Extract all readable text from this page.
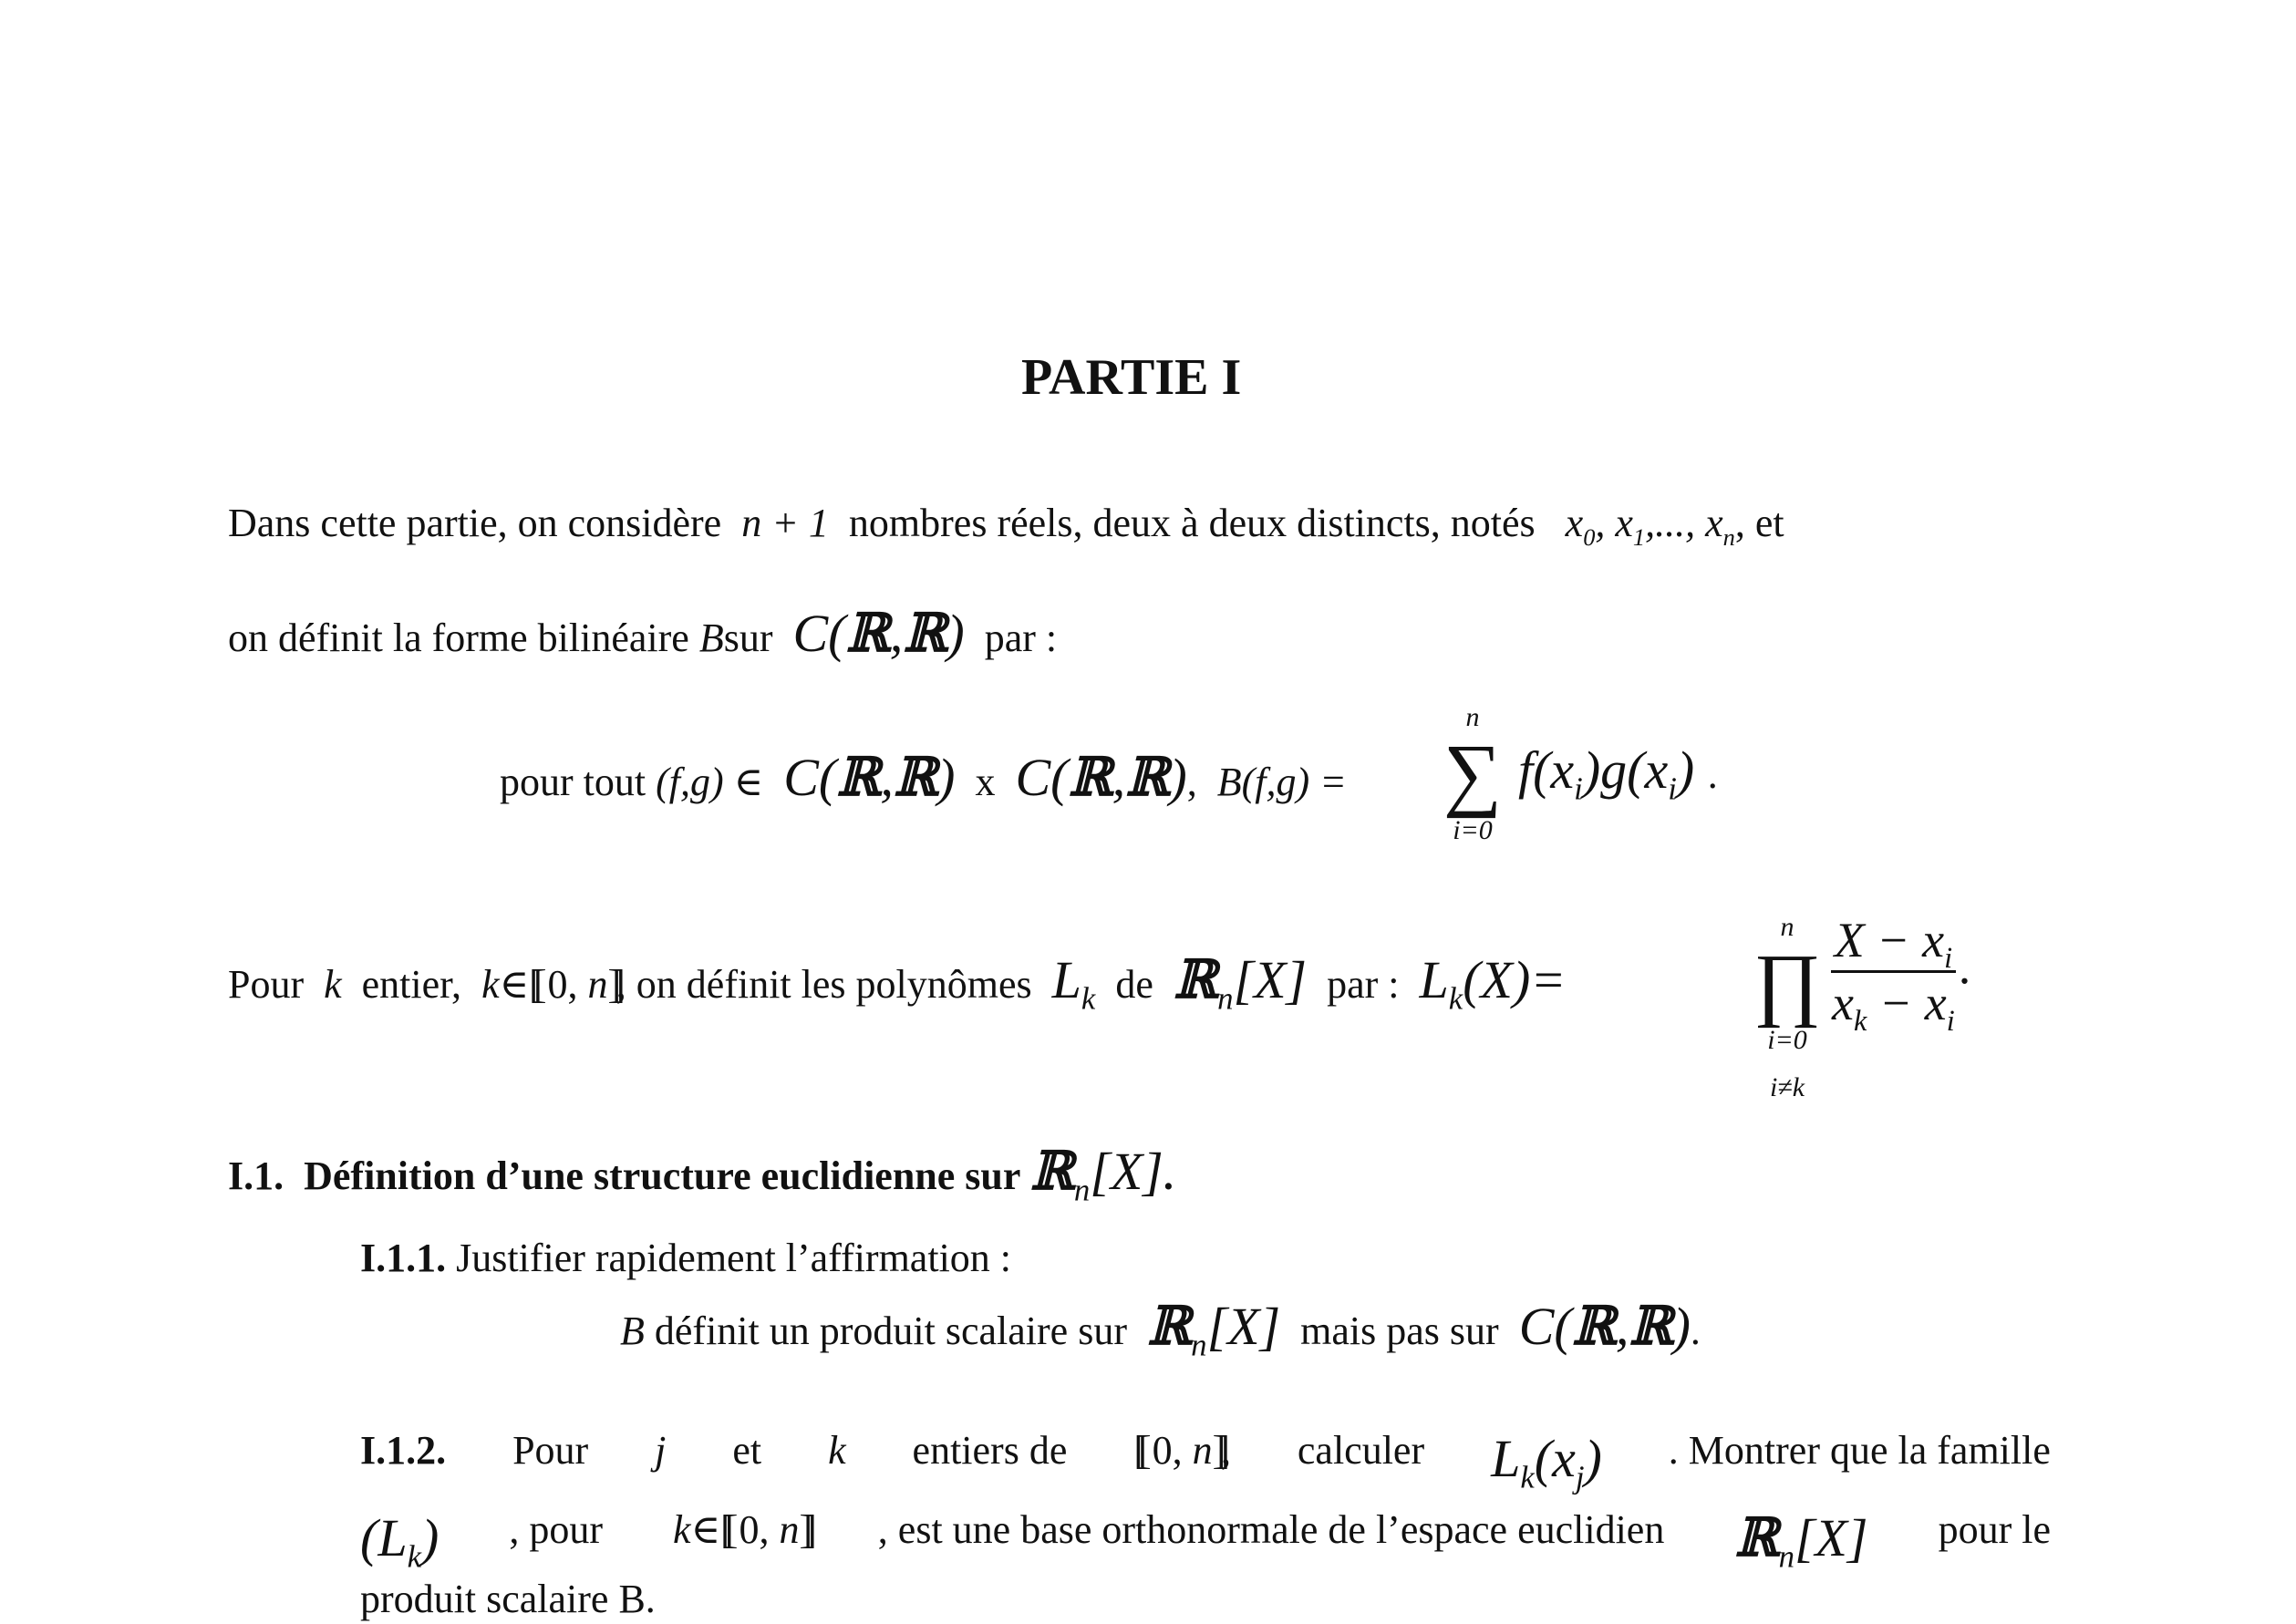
PARTIE I
Dans cette partie, on considère n + 1 nombres réels, deux à deux distincts, notés $x_0$, $x_1$,..., $x_n$, et
on définit la forme bilinéaire Bsur C(ℝ,ℝ) par :
pour tout (f,g) ∈ C(ℝ,ℝ) x C(ℝ,ℝ),  B(f,g) =
n
∑
i=0
$f(x_i)g(x_i)$ .
Pour k entier, k∈[[ 0, n]], on définit les polynômes $L_k$ de ℝ$_n$[X] par : $L_k(X)=$
n
∏
i=0
i≠k
$\frac{X - x_i}{x_k - x_i}$ .
I.1. Définition d’une structure euclidienne sur ℝ$_n$[X].
I.1.1. Justifier rapidement l’affirmation :
B définit un produit scalaire sur ℝ$_n$[X] mais pas sur C(ℝ,ℝ).
I.1.2. Pour j et k entiers de [[ 0, n]], calculer $L_k(x_j)$ . Montrer que la famille
$(L_k)$ , pour k∈[[ 0, n]] , est une base orthonormale de l’espace euclidien ℝ$_n$[X] pour le
produit scalaire B.
